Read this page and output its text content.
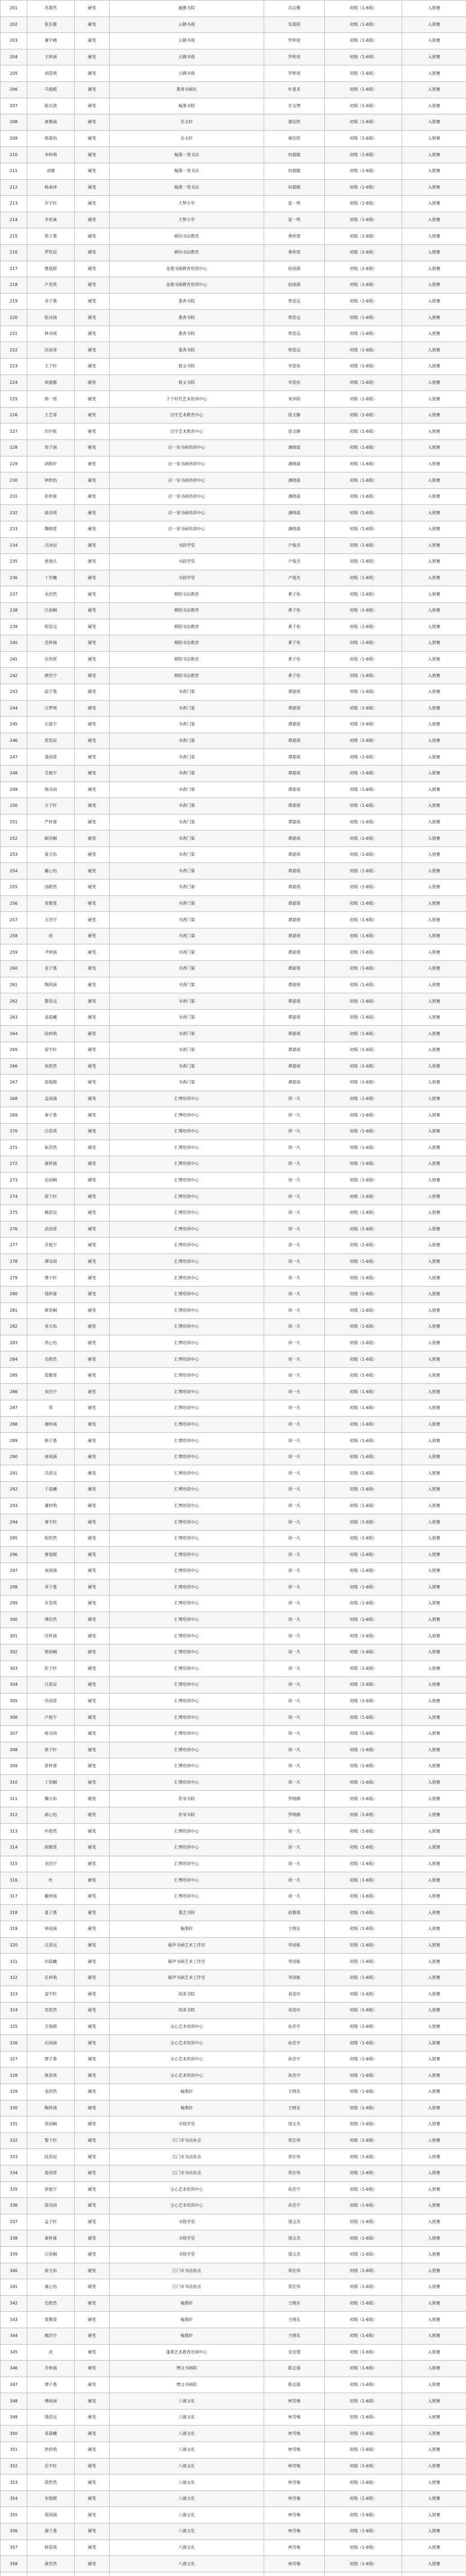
201	苏墨然	硬笔	蕴雅书院	冯志雅	初级（1-6级）	入围赛
202	张乐雅	硬笔	云鹤书苑	朱晨阳	初级（1-6级）	入围赛
203	董宇晴	硬笔	云鹤书苑	罗梓瑄	初级（1-6级）	入围赛
204	王梓涵	硬笔	云鹤书苑	罗梓瑄	初级（1-6级）	入围赛
205	刘思琪	硬笔	云鹤书苑	罗梓瑄	初级（1-6级）	入围赛
206	马俊熙	硬笔	墨香书画社	叶嘉禾	初级（1-6级）	入围赛
207	陈以诺	硬笔	翰墨书院	许文博	初级（1-6级）	入围赛
208	唐雅涵	硬笔	岳文轩	谢佳欣	初级（1-6级）	入围赛
209	郭嘉怡	硬笔	岳文轩	谢佳欣	初级（1-6级）	入围赛
210	李梓萌	硬笔	翰墨一笔书法	何嘉懿	初级（1-6级）	入围赛
211	刘瑾	硬笔	翰墨一笔书法	何嘉懿	初级（1-6级）	入围赛
212	杨承泽	硬笔	翰墨一笔书法	何嘉懿	初级（1-6级）	入围赛
213	许宇轩	硬笔	大梦小学	张一鸣	初级（1-6级）	入围赛
214	李若溪	硬笔	大梦小学	张一鸣	初级（1-6级）	入围赛
215	郑子墨	硬笔	朝向书法教育	黄梓萱	初级（1-6级）	入围赛
216	罗钦辰	硬笔	朝向书法教育	黄梓萱	初级（1-6级）	入围赛
217	曹晨熙	硬笔	金墨书画教育培训中心	赵雨涵	初级（1-6级）	入围赛
218	卢思凯	硬笔	金墨书画教育培训中心	赵雨涵	初级（1-6级）	入围赛
219	邓子墨	硬笔	墨香书院	曾思远	初级（1-6级）	入围赛
220	陆诗涵	硬笔	墨香书院	曾思远	初级（1-6级）	入围赛
221	林书瑶	硬笔	墨香书院	曾思远	初级（1-6级）	入围赛
222	沈雨菲	硬笔	墨香书院	曾思远	初级（1-6级）	入围赛
223	王子轩	硬笔	致文书院	李思怡	初级（1-6级）	入围赛
224	周嘉懿	硬笔	致文书院	李思怡	初级（1-6级）	入围赛
225	韩一诺	硬笔	子于时代艺术培训中心	宋沐阳	初级（1-6级）	入围赛
226	王艺霏	硬笔	汉字艺术教育中心	徐文静	初级（1-6级）	入围赛
227	田宇航	硬笔	汉字艺术教育中心	徐文静	初级（1-6级）	入围赛
228	周子涵	硬笔	启一堂书画培训中心	潘晓晨	初级（1-6级）	入围赛
229	胡皓轩	硬笔	启一堂书画培训中心	潘晓晨	初级（1-6级）	入围赛
230	钟欣怡	硬笔	启一堂书画培训中心	潘晓晨	初级（1-6级）	入围赛
231	彭梓豪	硬笔	启一堂书画培训中心	潘晓晨	初级（1-6级）	入围赛
232	蒋佳琪	硬笔	启一堂书画培训中心	潘晓晨	初级（1-6级）	入围赛
233	魏晓萱	硬笔	启一堂书画培训中心	潘晓晨	初级（1-6级）	入围赛
234	吕沐辰	硬笔	书韵学堂	卢俊杰	初级（1-6级）	入围赛
235	蔡逸凡	硬笔	书韵学堂	卢俊杰	初级（1-6级）	入围赛
236	丁若曦	硬笔	书韵学堂	卢俊杰	初级（1-6级）	入围赛
237	余浩然	硬笔	朝阳书法教育	黄子怡	初级（1-6级）	入围赛
238	江雨桐	硬笔	朝阳书法教育	黄子怡	初级（1-6级）	入围赛
239	程思远	硬笔	朝阳书法教育	黄子怡	初级（1-6级）	入围赛
240	范梓涵	硬笔	朝阳书法教育	黄子怡	初级（1-6级）	入围赛
241	任欣妍	硬笔	朝阳书法教育	黄子怡	初级（1-6级）	入围赛
242	廖浩宇	硬笔	朝阳书法教育	黄子怡	初级（1-6级）	入围赛
243	邱子墨	硬笔	书香门第	谭嘉瑶	初级（1-6级）	入围赛
244	汪梦琪	硬笔	书香门第	谭嘉瑶	初级（1-6级）	入围赛
245	石晨宇	硬笔	书香门第	谭嘉瑶	初级（1-6级）	入围赛
246	贺思辰	硬笔	书香门第	谭嘉瑶	初级（1-6级）	入围赛
247	龚雨萱	硬笔	书香门第	谭嘉瑶	初级（1-6级）	入围赛
248	毛俊宇	硬笔	书香门第	谭嘉瑶	初级（1-6级）	入围赛
249	熊诗雨	硬笔	书香门第	谭嘉瑶	初级（1-6级）	入围赛
250	万子轩	硬笔	书香门第	谭嘉瑶	初级（1-6级）	入围赛
251	严梓睿	硬笔	书香门第	谭嘉瑶	初级（1-6级）	入围赛
252	顾语桐	硬笔	书香门第	谭嘉瑶	初级（1-6级）	入围赛
253	夏天佑	硬笔	书香门第	谭嘉瑶	初级（1-6级）	入围赛
254	戴心怡	硬笔	书香门第	谭嘉瑶	初级（1-6级）	入围赛
255	汤皓然	硬笔	书香门第	谭嘉瑶	初级（1-6级）	入围赛
256	常雅萱	硬笔	书香门第	谭嘉瑶	初级（1-6级）	入围赛
257	方浩宇	硬笔	书香门第	谭嘉瑶	初级（1-6级）	入围赛
258	俞	硬笔	书香门第	谭嘉瑶	初级（1-6级）	入围赛
259	尹梓涵	硬笔	书香门第	谭嘉瑶	初级（1-6级）	入围赛
260	金子墨	硬笔	书香门第	谭嘉瑶	初级（1-6级）	入围赛
261	陶雨涵	硬笔	书香门第	谭嘉瑶	初级（1-6级）	入围赛
262	黎思远	硬笔	书香门第	谭嘉瑶	初级（1-6级）	入围赛
263	姜晨曦	硬笔	书香门第	谭嘉瑶	初级（1-6级）	入围赛
264	段梓萌	硬笔	书香门第	谭嘉瑶	初级（1-6级）	入围赛
265	雷宇轩	硬笔	书香门第	谭嘉瑶	初级（1-6级）	入围赛
266	侯欣然	硬笔	书香门第	谭嘉瑶	初级（1-6级）	入围赛
267	邵俊熙	硬笔	书香门第	谭嘉瑶	初级（1-6级）	入围赛
268	孟雨涵	硬笔	汇博培训中心	周一凡	初级（1-6级）	入围赛
269	秦子墨	硬笔	汇博培训中心	周一凡	初级（1-6级）	入围赛
270	白思琪	硬笔	汇博培训中心	周一凡	初级（1-6级）	入围赛
271	崔浩然	硬笔	汇博培训中心	周一凡	初级（1-6级）	入围赛
272	康梓涵	硬笔	汇博培训中心	周一凡	初级（1-6级）	入围赛
273	史雨桐	硬笔	汇博培训中心	周一凡	初级（1-6级）	入围赛
274	贾子轩	硬笔	汇博培训中心	周一凡	初级（1-6级）	入围赛
275	赖思辰	硬笔	汇博培训中心	周一凡	初级（1-6级）	入围赛
276	武雨萱	硬笔	汇博培训中心	周一凡	初级（1-6级）	入围赛
277	乔俊宇	硬笔	汇博培训中心	周一凡	初级（1-6级）	入围赛
278	谭诗雨	硬笔	汇博培训中心	周一凡	初级（1-6级）	入围赛
279	傅子轩	硬笔	汇博培训中心	周一凡	初级（1-6级）	入围赛
280	钱梓睿	硬笔	汇博培训中心	周一凡	初级（1-6级）	入围赛
281	廖语桐	硬笔	汇博培训中心	周一凡	初级（1-6级）	入围赛
282	易天佑	硬笔	汇博培训中心	周一凡	初级（1-6级）	入围赛
283	洪心怡	硬笔	汇博培训中心	周一凡	初级（1-6级）	入围赛
284	岳皓然	硬笔	汇博培训中心	周一凡	初级（1-6级）	入围赛
285	梁雅萱	硬笔	汇博培训中心	周一凡	初级（1-6级）	入围赛
286	宋浩宇	硬笔	汇博培训中心	周一凡	初级（1-6级）	入围赛
287	郑	硬笔	汇博培训中心	周一凡	初级（1-6级）	入围赛
288	谢梓涵	硬笔	汇博培训中心	周一凡	初级（1-6级）	入围赛
289	韩子墨	硬笔	汇博培训中心	周一凡	初级（1-6级）	入围赛
290	唐雨涵	硬笔	汇博培训中心	周一凡	初级（1-6级）	入围赛
291	冯思远	硬笔	汇博培训中心	周一凡	初级（1-6级）	入围赛
292	于晨曦	硬笔	汇博培训中心	周一凡	初级（1-6级）	入围赛
293	董梓萌	硬笔	汇博培训中心	周一凡	初级（1-6级）	入围赛
294	萧宇轩	硬笔	汇博培训中心	周一凡	初级（1-6级）	入围赛
295	程欣然	硬笔	汇博培训中心	周一凡	初级（1-6级）	入围赛
296	曹俊熙	硬笔	汇博培训中心	周一凡	初级（1-6级）	入围赛
297	袁雨涵	硬笔	汇博培训中心	周一凡	初级（1-6级）	入围赛
298	邓子墨	硬笔	汇博培训中心	周一凡	初级（1-6级）	入围赛
299	许思琪	硬笔	汇博培训中心	周一凡	初级（1-6级）	入围赛
300	傅浩然	硬笔	汇博培训中心	周一凡	初级（1-6级）	入围赛
301	沈梓涵	硬笔	汇博培训中心	周一凡	初级（1-6级）	入围赛
302	曾雨桐	硬笔	汇博培训中心	周一凡	初级（1-6级）	入围赛
303	彭子轩	硬笔	汇博培训中心	周一凡	初级（1-6级）	入围赛
304	吕思辰	硬笔	汇博培训中心	周一凡	初级（1-6级）	入围赛
305	苏雨萱	硬笔	汇博培训中心	周一凡	初级（1-6级）	入围赛
306	卢俊宇	硬笔	汇博培训中心	周一凡	初级（1-6级）	入围赛
307	蒋诗雨	硬笔	汇博培训中心	周一凡	初级（1-6级）	入围赛
308	蔡子轩	硬笔	汇博培训中心	周一凡	初级（1-6级）	入围赛
309	贾梓睿	硬笔	汇博培训中心	周一凡	初级（1-6级）	入围赛
310	丁语桐	硬笔	汇博培训中心	周一凡	初级（1-6级）	入围赛
311	魏天佑	硬笔	茗享书院	罗晓静	初级（1-6级）	入围赛
312	薛心怡	硬笔	茗享书院	罗晓静	初级（1-6级）	入围赛
313	叶皓然	硬笔	汇博培训中心	周一凡	初级（1-6级）	入围赛
314	阎雅萱	硬笔	汇博培训中心	周一凡	初级（1-6级）	入围赛
315	余浩宇	硬笔	汇博培训中心	周一凡	初级（1-6级）	入围赛
316	杜	硬笔	汇博培训中心	周一凡	初级（1-6级）	入围赛
317	戴梓涵	硬笔	汇博培训中心	周一凡	初级（1-6级）	入围赛
318	夏子墨	硬笔	墨艺书院	赵雅琪	初级（1-6级）	入围赛
319	钟雨涵	硬笔	翰墨轩	王晓东	初级（1-6级）	入围赛
320	汪思远	硬笔	颐声书画艺术工作室	李国栋	初级（1-6级）	入围赛
321	田晨曦	硬笔	颐声书画艺术工作室	李国栋	初级（1-6级）	入围赛
322	任梓萌	硬笔	颐声书画艺术工作室	李国栋	初级（1-6级）	入围赛
323	姜宇轩	硬笔	尚美书院	刘美玲	初级（1-6级）	入围赛
324	范欣然	硬笔	尚美书院	刘美玲	初级（1-6级）	入围赛
325	方俊熙	硬笔	文心艺术培训中心	孙浩宇	初级（1-6级）	入围赛
326	石雨涵	硬笔	文心艺术培训中心	孙浩宇	初级（1-6级）	入围赛
327	廖子墨	硬笔	文心艺术培训中心	孙浩宇	初级（1-6级）	入围赛
328	熊思琪	硬笔	文心艺术培训中心	孙浩宇	初级（1-6级）	入围赛
329	金浩然	硬笔	翰墨轩	王晓东	初级（1-6级）	入围赛
330	陶梓涵	硬笔	翰墨轩	王晓东	初级（1-6级）	入围赛
331	常雨桐	硬笔	书悦学堂	钱文杰	初级（1-6级）	入围赛
332	黎子轩	硬笔	江门市书法协会	郑宏伟	初级（1-6级）	入围赛
333	段思辰	硬笔	江门市书法协会	郑宏伟	初级（1-6级）	入围赛
334	雷雨萱	硬笔	江门市书法协会	郑宏伟	初级（1-6级）	入围赛
335	侯俊宇	硬笔	文心艺术培训中心	孙浩宇	初级（1-6级）	入围赛
336	邵诗雨	硬笔	文心艺术培训中心	孙浩宇	初级（1-6级）	入围赛
337	孟子轩	硬笔	书悦学堂	钱文杰	初级（1-6级）	入围赛
338	秦梓睿	硬笔	书悦学堂	钱文杰	初级（1-6级）	入围赛
339	白语桐	硬笔	书悦学堂	钱文杰	初级（1-6级）	入围赛
340	崔天佑	硬笔	江门市书法协会	郑宏伟	初级（1-6级）	入围赛
341	康心怡	硬笔	江门市书法协会	郑宏伟	初级（1-6级）	入围赛
342	史皓然	硬笔	翰墨轩	王晓东	初级（1-6级）	入围赛
343	贾雅萱	硬笔	翰墨轩	王晓东	初级（1-6级）	入围赛
344	赖浩宇	硬笔	翰墨轩	王晓东	初级（1-6级）	入围赛
345	武	硬笔	蓬莱艺术教育培训中心	吴佳慧	初级（1-6级）	入围赛
346	乔梓涵	硬笔	博文书画院	陈志强	初级（1-6级）	入围赛
347	谭子墨	硬笔	博文书画院	陈志强	初级（1-6级）	入围赛
348	傅雨涵	硬笔	八骏文化	林雪梅	初级（1-6级）	入围赛
349	钱思远	硬笔	八骏文化	林雪梅	初级（1-6级）	入围赛
350	易晨曦	硬笔	八骏文化	林雪梅	初级（1-6级）	入围赛
351	洪梓萌	硬笔	八骏文化	林雪梅	初级（1-6级）	入围赛
352	岳宇轩	硬笔	八骏文化	林雪梅	初级（1-6级）	入围赛
353	梁欣然	硬笔	八骏文化	林雪梅	初级（1-6级）	入围赛
354	宋俊熙	硬笔	八骏文化	林雪梅	初级（1-6级）	入围赛
355	郑雨涵	硬笔	八骏文化	林雪梅	初级（1-6级）	入围赛
356	谢子墨	硬笔	八骏文化	林雪梅	初级（1-6级）	入围赛
357	韩思琪	硬笔	八骏文化	林雪梅	初级（1-6级）	入围赛
358	唐浩然	硬笔	八骏文化	林雪梅	初级（1-6级）	入围赛
